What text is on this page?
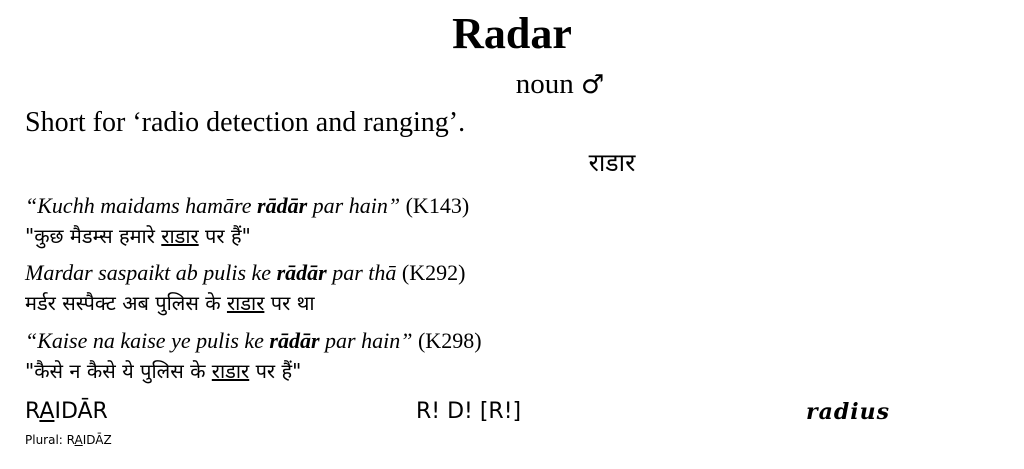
Radar
noun ♂
Short for ‘radio detection and ranging’.
राडार
“Kuchh maidams hamāre rādār par hain” (K143)
"कुछ मैडम्स हमारे राडार पर हैं"
Mardar saspaikt ab pulis ke rādār par thā (K292)
मर्डर सस्पैक्ट अब पुलिस के राडार पर था
“Kaise na kaise ye pulis ke rādār par hain” (K298)
"कैसे न कैसे ये पुलिस के राडार पर हैं"
RAIDĀR	R! D! [R!]	radius
Plural: RAIDĀZ
